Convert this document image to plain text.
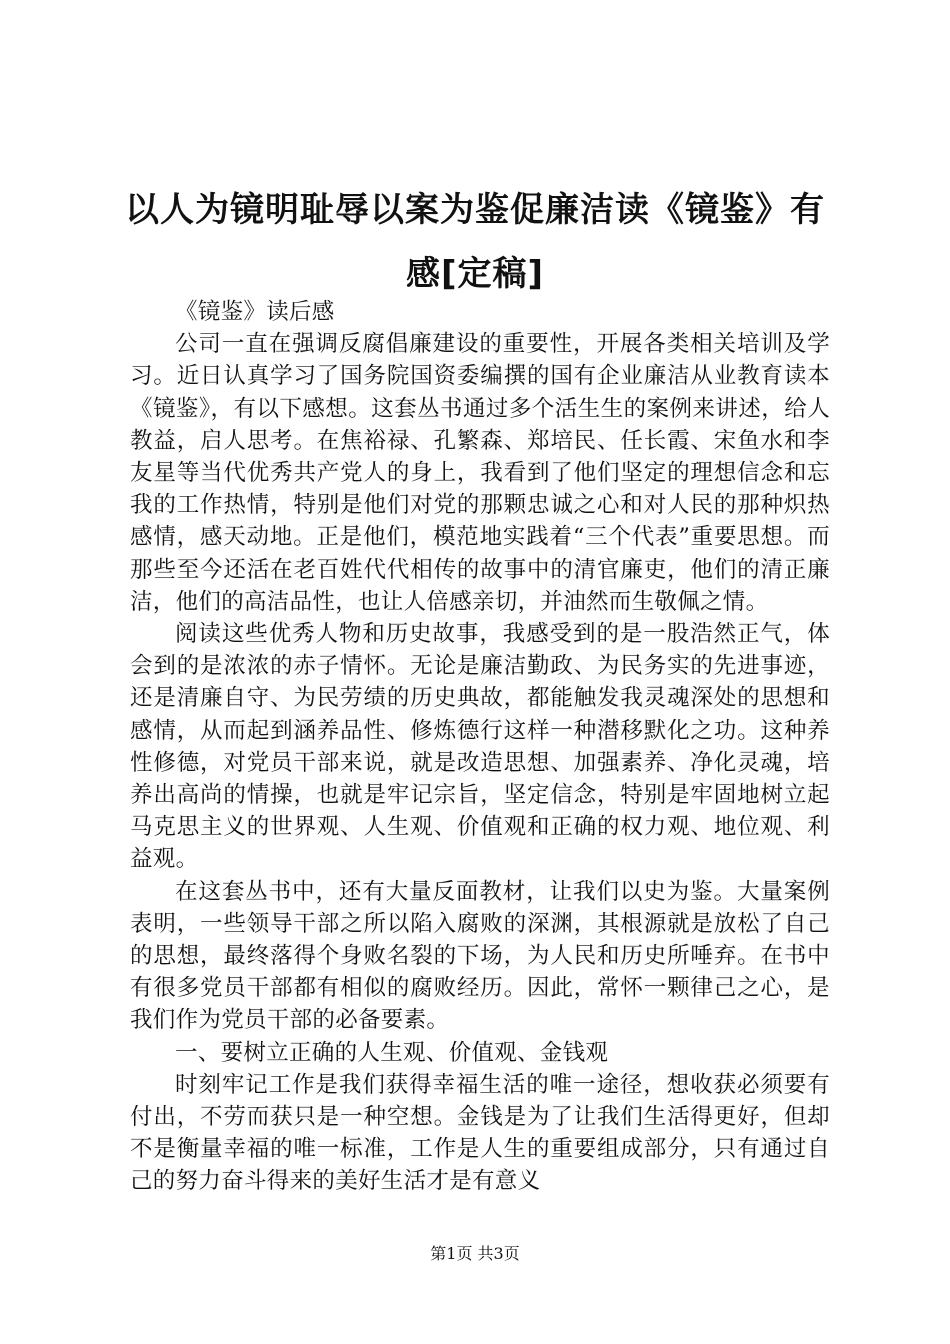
以人为镜明耻辱以案为鉴促廉洁读《镜鉴》有感[定稿]

《镜鉴》读后感

公司一直在强调反腐倡廉建设的重要性，开展各类相关培训及学习。近日认真学习了国务院国资委编撰的国有企业廉洁从业教育读本《镜鉴》，有以下感想。这套丛书通过多个活生生的案例来讲述，给人教益，启人思考。在焦裕禄、孔繁森、郑培民、任长霞、宋鱼水和李友星等当代优秀共产党人的身上，我看到了他们坚定的理想信念和忘我的工作热情，特别是他们对党的那颗忠诚之心和对人民的那种炽热感情，感天动地。正是他们，模范地实践着“三个代表”重要思想。而那些至今还活在老百姓代代相传的故事中的清官廉吏，他们的清正廉洁，他们的高洁品性，也让人倍感亲切，并油然而生敬佩之情。

阅读这些优秀人物和历史故事，我感受到的是一股浩然正气，体会到的是浓浓的赤子情怀。无论是廉洁勤政、为民务实的先进事迹，还是清廉自守、为民劳绩的历史典故，都能触发我灵魂深处的思想和感情，从而起到涵养品性、修炼德行这样一种潜移默化之功。这种养性修德，对党员干部来说，就是改造思想、加强素养、净化灵魂，培养出高尚的情操，也就是牢记宗旨，坚定信念，特别是牢固地树立起马克思主义的世界观、人生观、价值观和正确的权力观、地位观、利益观。

在这套丛书中，还有大量反面教材，让我们以史为鉴。大量案例表明，一些领导干部之所以陷入腐败的深渊，其根源就是放松了自己的思想，最终落得个身败名裂的下场，为人民和历史所唾弃。在书中有很多党员干部都有相似的腐败经历。因此，常怀一颗律己之心，是我们作为党员干部的必备要素。

一、要树立正确的人生观、价值观、金钱观

时刻牢记工作是我们获得幸福生活的唯一途径，想收获必须要有付出，不劳而获只是一种空想。金钱是为了让我们生活得更好，但却不是衡量幸福的唯一标准，工作是人生的重要组成部分，只有通过自己的努力奋斗得来的美好生活才是有意义

第1页 共3页
